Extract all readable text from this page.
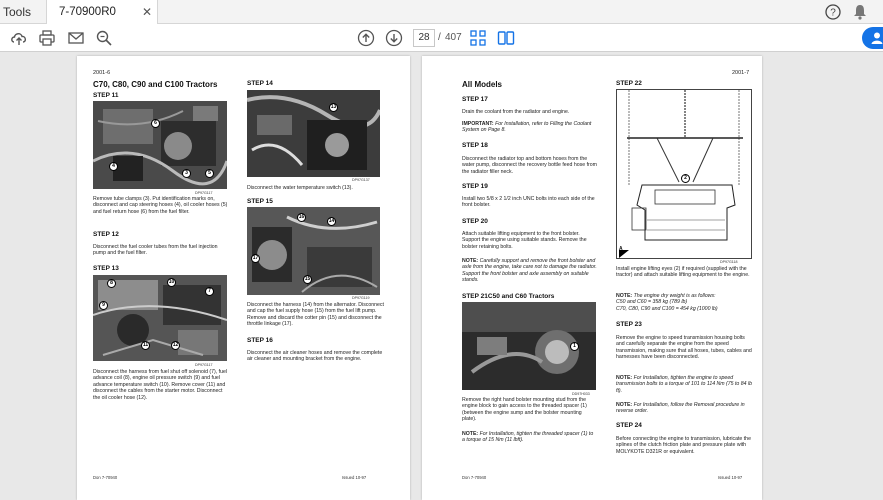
Tools	7-70900R0 ✕	?
28 / 407
2001-6
C70, C80, C90 and C100 Tractors
STEP 11
6
4
3	5
DP97G117
Remove tube clamps (3). Put identification marks on, disconnect and cap steering hoses (4), oil cooler hoses (5) and fuel return hose (6) from the fuel filter.
STEP 12
Disconnect the fuel cooler tubes from the fuel injection pump and the fuel filter.
STEP 13
8
9
10
7
11	12
DP97G117
Disconnect the harness from fuel shut off solenoid (7), fuel advance coil (8), engine oil pressure switch (9) and fuel advance temperature switch (10). Remove cover (11) and disconnect the cables from the starter motor. Disconnect the oil cooler hose (12).
STEP 14
13
DP97G137
Disconnect the water temperature switch (13).
STEP 15
16
14
17
15
DP97G119
Disconnect the harness (14) from the alternator. Disconnect and cap the fuel supply hose (15) from the fuel lift pump. Remove and discard the cotter pin (15) and disconnect the throttle linkage (17).
STEP 16
Disconnect the air cleaner hoses and remove the complete air cleaner and mounting bracket from the engine.
Don 7-70940	Issued 10-97
2001-7
All Models
STEP 17
Drain the coolant from the radiator and engine.
IMPORTANT: For Installation, refer to Filling the Coolant System on Page 8.
STEP 18
Disconnect the radiator top and bottom hoses from the water pump, disconnect the recovery bottle feed hose from the radiator filler neck.
STEP 19
Install two 5/8 x 2 1/2 inch UNC bolts into each side of the front bolster.
STEP 20
Attach suitable lifting equipment to the front bolster. Support the engine using suitable stands. Remove the bolster retaining bolts.
NOTE: Carefully support and remove the front bolster and axle from the engine, take care not to damage the radiator. Support the front bolster and axle assembly on suitable stands.
STEP 21C50 and C60 Tractors
1
DD97H033
Remove the right hand bolster mounting stud from the engine block to gain access to the threaded spacer (1) (between the engine sump and the bolster mounting plate).
NOTE: For Installation, tighten the threaded spacer (1) to a torque of 15 Nm (11 lbft).
STEP 22
2
A
DP97G118
Install engine lifting eyes (2) if required (supplied with the tractor) and attach suitable lifting equipment to the engine.
NOTE: The engine dry weight is as follows:
C50 and C60 = 358 kg (789 lb)
C70, C80, C90 and C100 = 454 kg (1000 lb)
STEP 23
Remove the engine to speed transmission housing bolts and carefully separate the engine from the speed transmission, making sure that all hoses, tubes, cables and harnesses have been disconnected.
NOTE: For Installation, tighten the engine to speed transmission bolts to a torque of 101 to 114 Nm (75 to 84 lb ft).
NOTE: For Installation, follow the Removal procedure in reverse order.
STEP 24
Before connecting the engine to transmission, lubricate the splines of the clutch friction plate and pressure plate with MOLYKOTE D321R or equivalent.
Don 7-70940	Issued 10-97
